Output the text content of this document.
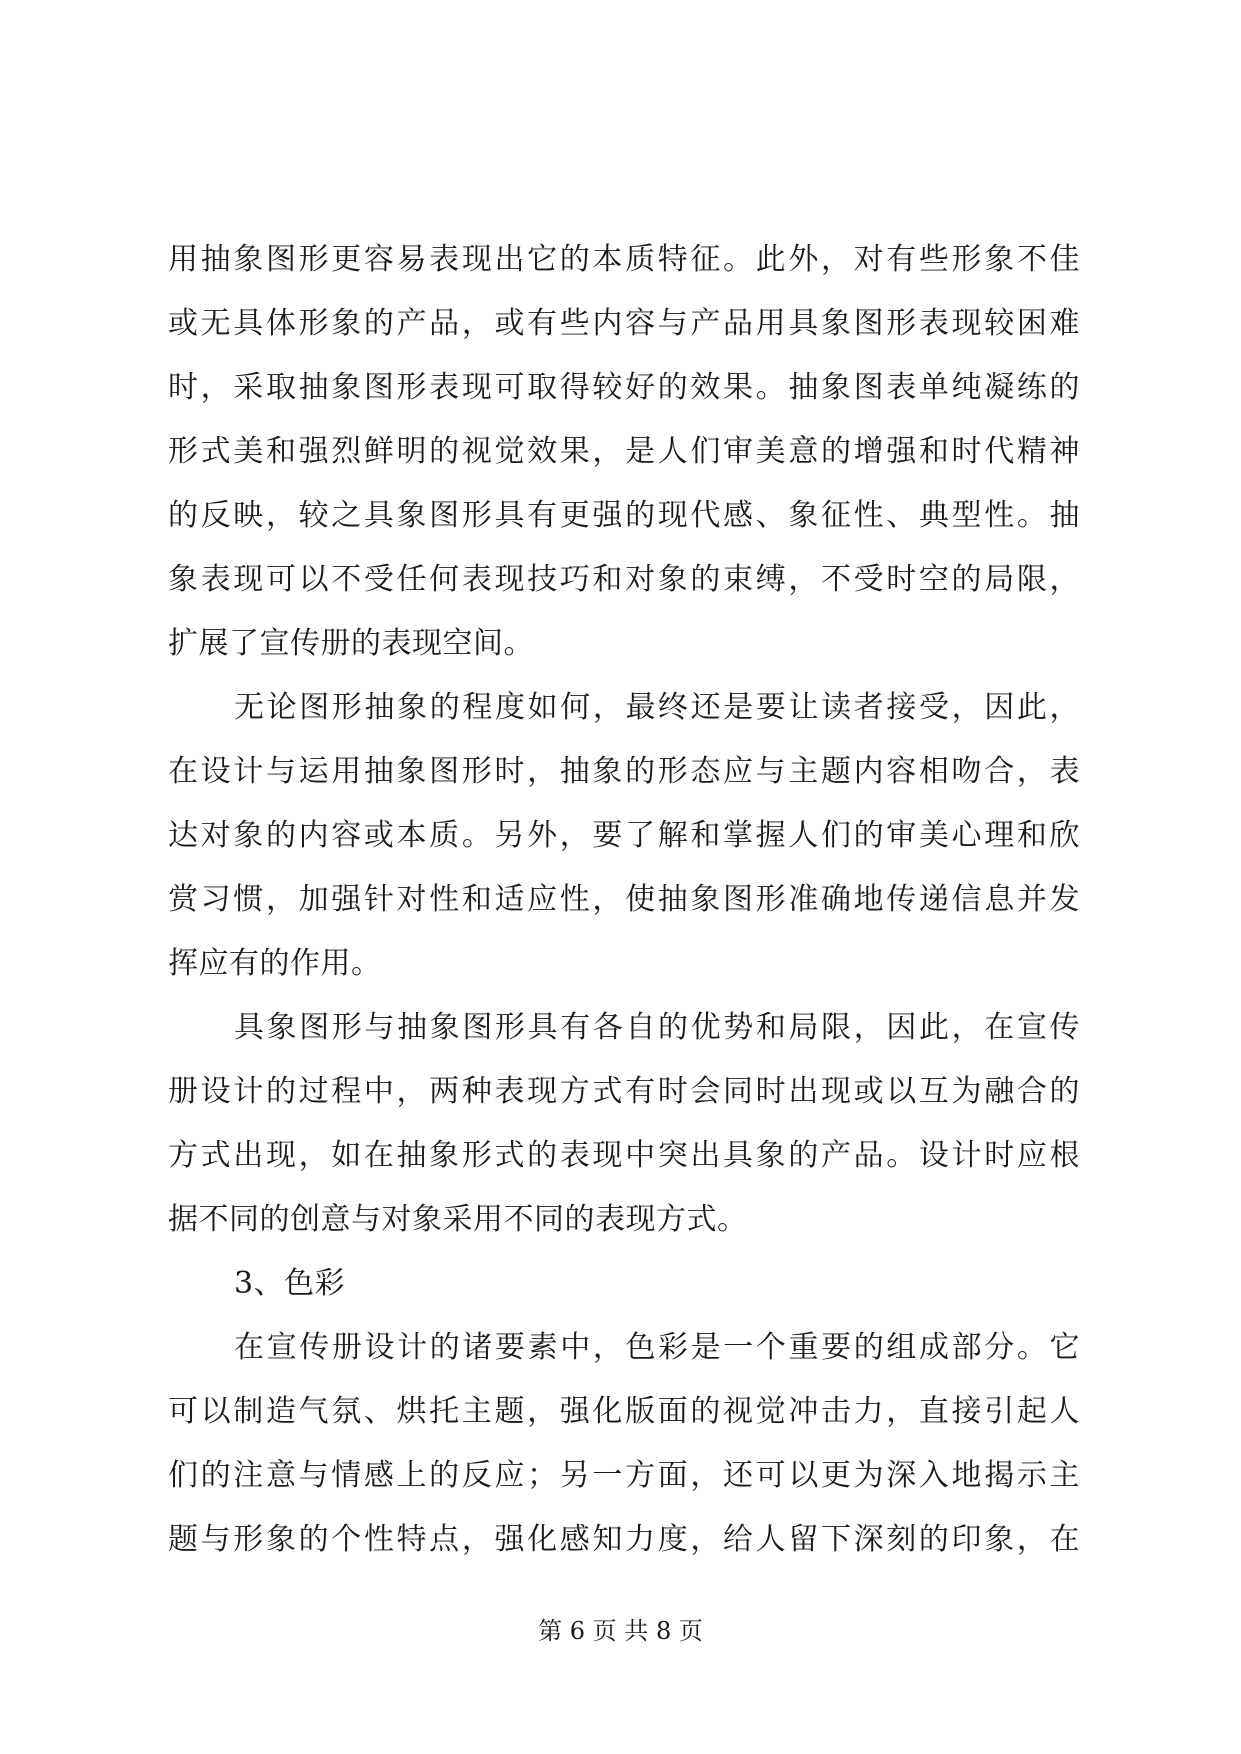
用抽象图形更容易表现出它的本质特征。此外，对有些形象不佳
或无具体形象的产品，或有些内容与产品用具象图形表现较困难
时，采取抽象图形表现可取得较好的效果。抽象图表单纯凝练的
形式美和强烈鲜明的视觉效果，是人们审美意的增强和时代精神
的反映，较之具象图形具有更强的现代感、象征性、典型性。抽
象表现可以不受任何表现技巧和对象的束缚，不受时空的局限，
扩展了宣传册的表现空间。
无论图形抽象的程度如何，最终还是要让读者接受，因此，
在设计与运用抽象图形时，抽象的形态应与主题内容相吻合，表
达对象的内容或本质。另外，要了解和掌握人们的审美心理和欣
赏习惯，加强针对性和适应性，使抽象图形准确地传递信息并发
挥应有的作用。
具象图形与抽象图形具有各自的优势和局限，因此，在宣传
册设计的过程中，两种表现方式有时会同时出现或以互为融合的
方式出现，如在抽象形式的表现中突出具象的产品。设计时应根
据不同的创意与对象采用不同的表现方式。
3、色彩
在宣传册设计的诸要素中，色彩是一个重要的组成部分。它
可以制造气氛、烘托主题，强化版面的视觉冲击力，直接引起人
们的注意与情感上的反应；另一方面，还可以更为深入地揭示主
题与形象的个性特点，强化感知力度，给人留下深刻的印象，在
第 6 页 共 8 页
